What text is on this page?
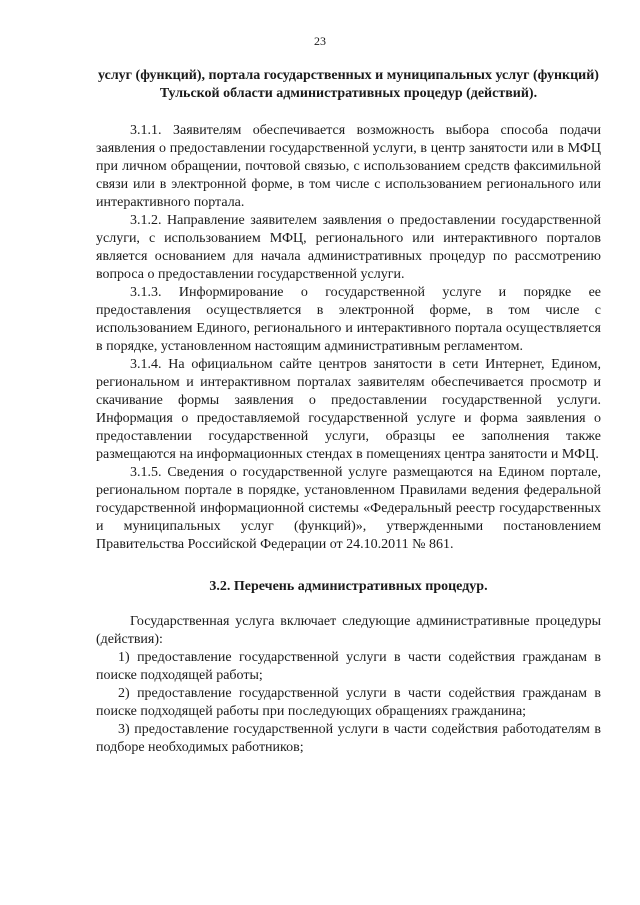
23

услуг (функций), портала государственных и муниципальных услуг (функций) Тульской области административных процедур (действий).

3.1.1. Заявителям обеспечивается возможность выбора способа подачи заявления о предоставлении государственной услуги, в центр занятости или в МФЦ при личном обращении, почтовой связью, с использованием средств факсимильной связи или в электронной форме, в том числе с использованием регионального или интерактивного портала.

3.1.2. Направление заявителем заявления о предоставлении государственной услуги, с использованием МФЦ, регионального или интерактивного порталов является основанием для начала административных процедур по рассмотрению вопроса о предоставлении государственной услуги.

3.1.3. Информирование о государственной услуге и порядке ее предоставления осуществляется в электронной форме, в том числе с использованием Единого, регионального и интерактивного портала осуществляется в порядке, установленном настоящим административным регламентом.

3.1.4. На официальном сайте центров занятости в сети Интернет, Едином, региональном и интерактивном порталах заявителям обеспечивается просмотр и скачивание формы заявления о предоставлении государственной услуги. Информация о предоставляемой государственной услуге и форма заявления о предоставлении государственной услуги, образцы ее заполнения также размещаются на информационных стендах в помещениях центра занятости и МФЦ.

3.1.5. Сведения о государственной услуге размещаются на Едином портале, региональном портале в порядке, установленном Правилами ведения федеральной государственной информационной системы «Федеральный реестр государственных и муниципальных услуг (функций)», утвержденными постановлением Правительства Российской Федерации от 24.10.2011 № 861.

3.2. Перечень административных процедур.

Государственная услуга включает следующие административные процедуры (действия):

1) предоставление государственной услуги в части содействия гражданам в поиске подходящей работы;

2) предоставление государственной услуги в части содействия гражданам в поиске подходящей работы при последующих обращениях гражданина;

3) предоставление государственной услуги в части содействия работодателям в подборе необходимых работников;
